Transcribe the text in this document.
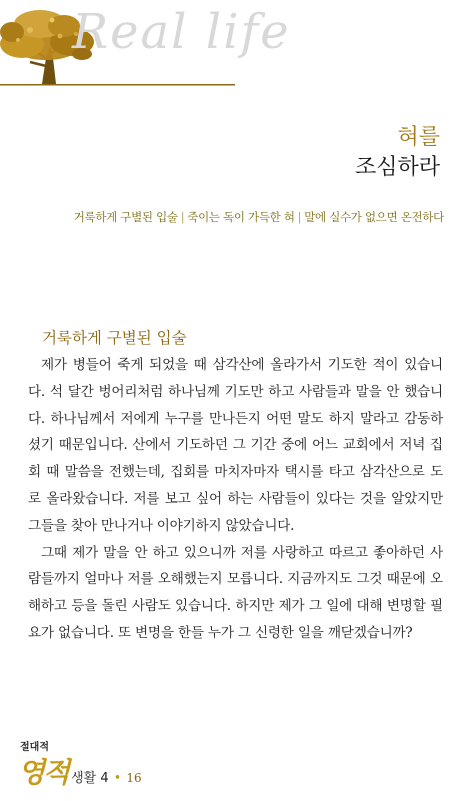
Real life
혀를
조심하라
거룩하게 구별된 입술 | 죽이는 독이 가득한 혀 | 말에 실수가 없으면 온전하다
거룩하게 구별된 입술

제가 병들어 죽게 되었을 때 삼각산에 올라가서 기도한 적이 있습니다. 석 달간 벙어리처럼 하나님께 기도만 하고 사람들과 말을 안 했습니다. 하나님께서 저에게 누구를 만나든지 어떤 말도 하지 말라고 감동하셨기 때문입니다. 산에서 기도하던 그 기간 중에 어느 교회에서 저녁 집회 때 말씀을 전했는데, 집회를 마치자마자 택시를 타고 삼각산으로 도로 올라왔습니다. 저를 보고 싶어 하는 사람들이 있다는 것을 알았지만 그들을 찾아 만나거나 이야기하지 않았습니다.

그때 제가 말을 안 하고 있으니까 저를 사랑하고 따르고 좋아하던 사람들까지 얼마나 저를 오해했는지 모릅니다. 지금까지도 그것 때문에 오해하고 등을 돌린 사람도 있습니다. 하지만 제가 그 일에 대해 변명할 필요가 없습니다. 또 변명을 한들 누가 그 신령한 일을 깨닫겠습니까?

절대적
영적 생활 4 • 16
